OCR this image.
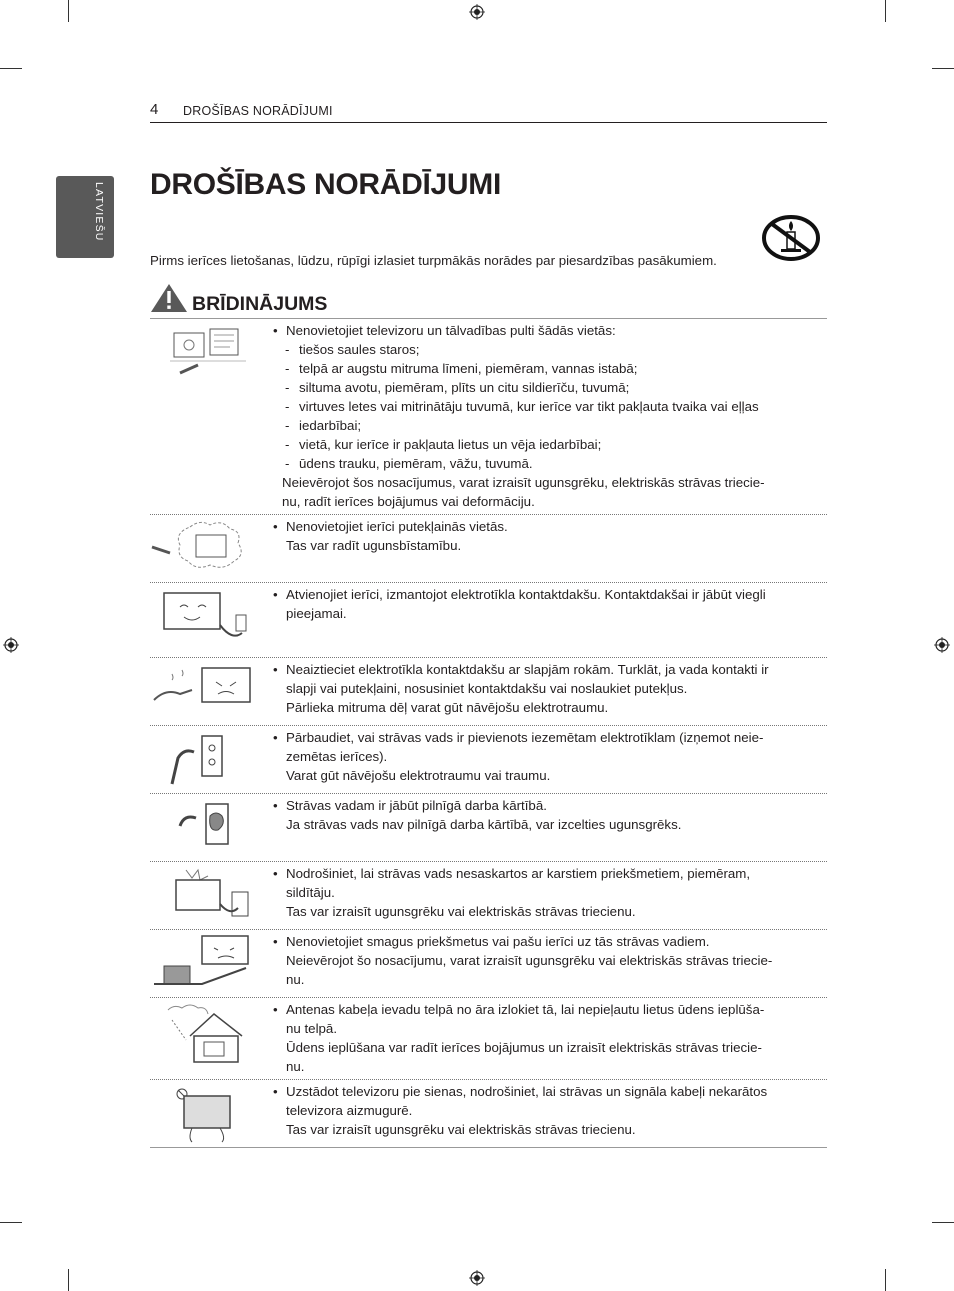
4 DROŠĪBAS NORĀDĪJUMI
LATVIEŠU DROŠĪBAS NORĀDĪJUMI

Pirms ierīces lietošanas, lūdzu, rūpīgi izlasiet turpmākās norādes par piesardzības pasākumiem.

BRĪDINĀJUMS
• Nenovietojiet televizoru un tālvadības pulti šādās vietās:
- tiešos saules staros;
- telpā ar augstu mitruma līmeni, piemēram, vannas istabā;
- siltuma avotu, piemēram, plīts un citu sildierīču, tuvumā;
- virtuves letes vai mitrinātāju tuvumā, kur ierīce var tikt pakļauta tvaika vai eļļas
- iedarbībai;
- vietā, kur ierīce ir pakļauta lietus un vēja iedarbībai;
- ūdens trauku, piemēram, vāžu, tuvumā.
Neievērojot šos nosacījumus, varat izraisīt ugunsgrēku, elektriskās strāvas triecie-
nu, radīt ierīces bojājumus vai deformāciju.
• Nenovietojiet ierīci putekļainās vietās.
Tas var radīt ugunsbīstamību.
• Atvienojiet ierīci, izmantojot elektrotīkla kontaktdakšu. Kontaktdakšai ir jābūt viegli
pieejamai.
• Neaiztieciet elektrotīkla kontaktdakšu ar slapjām rokām. Turklāt, ja vada kontakti ir
slapji vai putekļaini, nosusiniet kontaktdakšu vai noslaukiet putekļus.
Pārlieka mitruma dēļ varat gūt nāvējošu elektrotraumu.
• Pārbaudiet, vai strāvas vads ir pievienots iezemētam elektrotīklam (izņemot neie-
zemētas ierīces).
Varat gūt nāvējošu elektrotraumu vai traumu.
• Strāvas vadam ir jābūt pilnīgā darba kārtībā.
Ja strāvas vads nav pilnīgā darba kārtībā, var izcelties ugunsgrēks.
• Nodrošiniet, lai strāvas vads nesaskartos ar karstiem priekšmetiem, piemēram,
sildītāju.
Tas var izraisīt ugunsgrēku vai elektriskās strāvas triecienu.
• Nenovietojiet smagus priekšmetus vai pašu ierīci uz tās strāvas vadiem.
Neievērojot šo nosacījumu, varat izraisīt ugunsgrēku vai elektriskās strāvas triecie-
nu.
• Antenas kabeļa ievadu telpā no āra izlokiet tā, lai nepieļautu lietus ūdens ieplūša-
nu telpā.
Ūdens ieplūšana var radīt ierīces bojājumus un izraisīt elektriskās strāvas triecie-
nu.
• Uzstādot televizoru pie sienas, nodrošiniet, lai strāvas un signāla kabeļi nekarātos
televizora aizmugurē.
Tas var izraisīt ugunsgrēku vai elektriskās strāvas triecienu.
